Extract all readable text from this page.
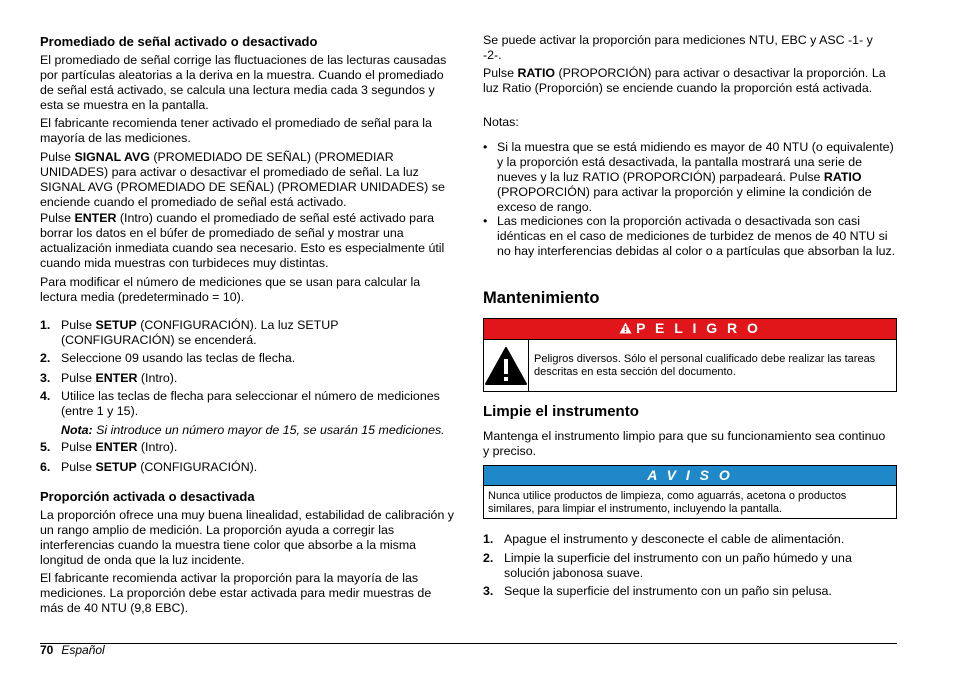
Promediado de señal activado o desactivado

El promediado de señal corrige las fluctuaciones de las lecturas causadas por partículas aleatorias a la deriva en la muestra. Cuando el promediado de señal está activado, se calcula una lectura media cada 3 segundos y esta se muestra en la pantalla.

El fabricante recomienda tener activado el promediado de señal para la mayoría de las mediciones.

Pulse SIGNAL AVG (PROMEDIADO DE SEÑAL) (PROMEDIAR UNIDADES) para activar o desactivar el promediado de señal. La luz SIGNAL AVG (PROMEDIADO DE SEÑAL) (PROMEDIAR UNIDADES) se enciende cuando el promediado de señal está activado.

Pulse ENTER (Intro) cuando el promediado de señal esté activado para borrar los datos en el búfer de promediado de señal y mostrar una actualización inmediata cuando sea necesario. Esto es especialmente útil cuando mida muestras con turbideces muy distintas.

Para modificar el número de mediciones que se usan para calcular la lectura media (predeterminado = 10).

1. Pulse SETUP (CONFIGURACIÓN). La luz SETUP (CONFIGURACIÓN) se encenderá.

2. Seleccione 09 usando las teclas de flecha.

3. Pulse ENTER (Intro).

4. Utilice las teclas de flecha para seleccionar el número de mediciones (entre 1 y 15).

Nota: Si introduce un número mayor de 15, se usarán 15 mediciones.

5. Pulse ENTER (Intro).

6. Pulse SETUP (CONFIGURACIÓN).

Proporción activada o desactivada

La proporción ofrece una muy buena linealidad, estabilidad de calibración y un rango amplio de medición. La proporción ayuda a corregir las interferencias cuando la muestra tiene color que absorbe a la misma longitud de onda que la luz incidente.

El fabricante recomienda activar la proporción para la mayoría de las mediciones. La proporción debe estar activada para medir muestras de más de 40 NTU (9,8 EBC).

Se puede activar la proporción para mediciones NTU, EBC y ASC -1- y -2-.

Pulse RATIO (PROPORCIÓN) para activar o desactivar la proporción. La luz Ratio (Proporción) se enciende cuando la proporción está activada.

Notas:

• Si la muestra que se está midiendo es mayor de 40 NTU (o equivalente) y la proporción está desactivada, la pantalla mostrará una serie de nueves y la luz RATIO (PROPORCIÓN) parpadeará. Pulse RATIO (PROPORCIÓN) para activar la proporción y elimine la condición de exceso de rango.

• Las mediciones con la proporción activada o desactivada son casi idénticas en el caso de mediciones de turbidez de menos de 40 NTU si no hay interferencias debidas al color o a partículas que absorban la luz.

Mantenimiento
P E L I G R O
Peligros diversos. Sólo el personal cualificado debe realizar las tareas descritas en esta sección del documento.
Limpie el instrumento

Mantenga el instrumento limpio para que su funcionamiento sea continuo y preciso.

A V I S O
Nunca utilice productos de limpieza, como aguarrás, acetona o productos similares, para limpiar el instrumento, incluyendo la pantalla.
1. Apague el instrumento y desconecte el cable de alimentación.

2. Limpie la superficie del instrumento con un paño húmedo y una solución jabonosa suave.

3. Seque la superficie del instrumento con un paño sin pelusa.

70 Español
